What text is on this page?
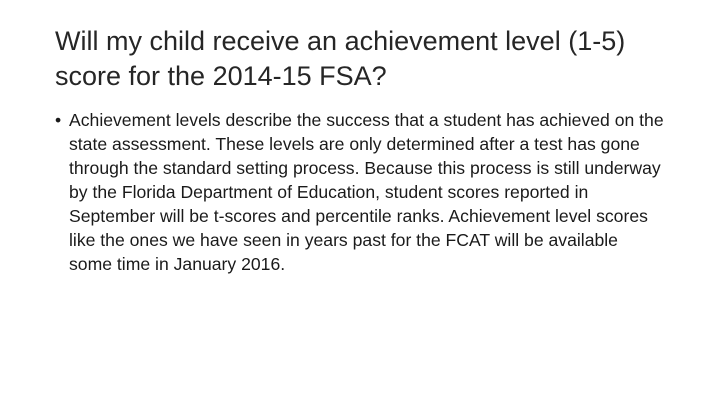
Will my child receive an achievement level (1-5) score for the 2014-15 FSA?
• Achievement levels describe the success that a student has achieved on the state assessment. These levels are only determined after a test has gone through the standard setting process. Because this process is still underway by the Florida Department of Education, student scores reported in September will be t-scores and percentile ranks. Achievement level scores like the ones we have seen in years past for the FCAT will be available some time in January 2016.
